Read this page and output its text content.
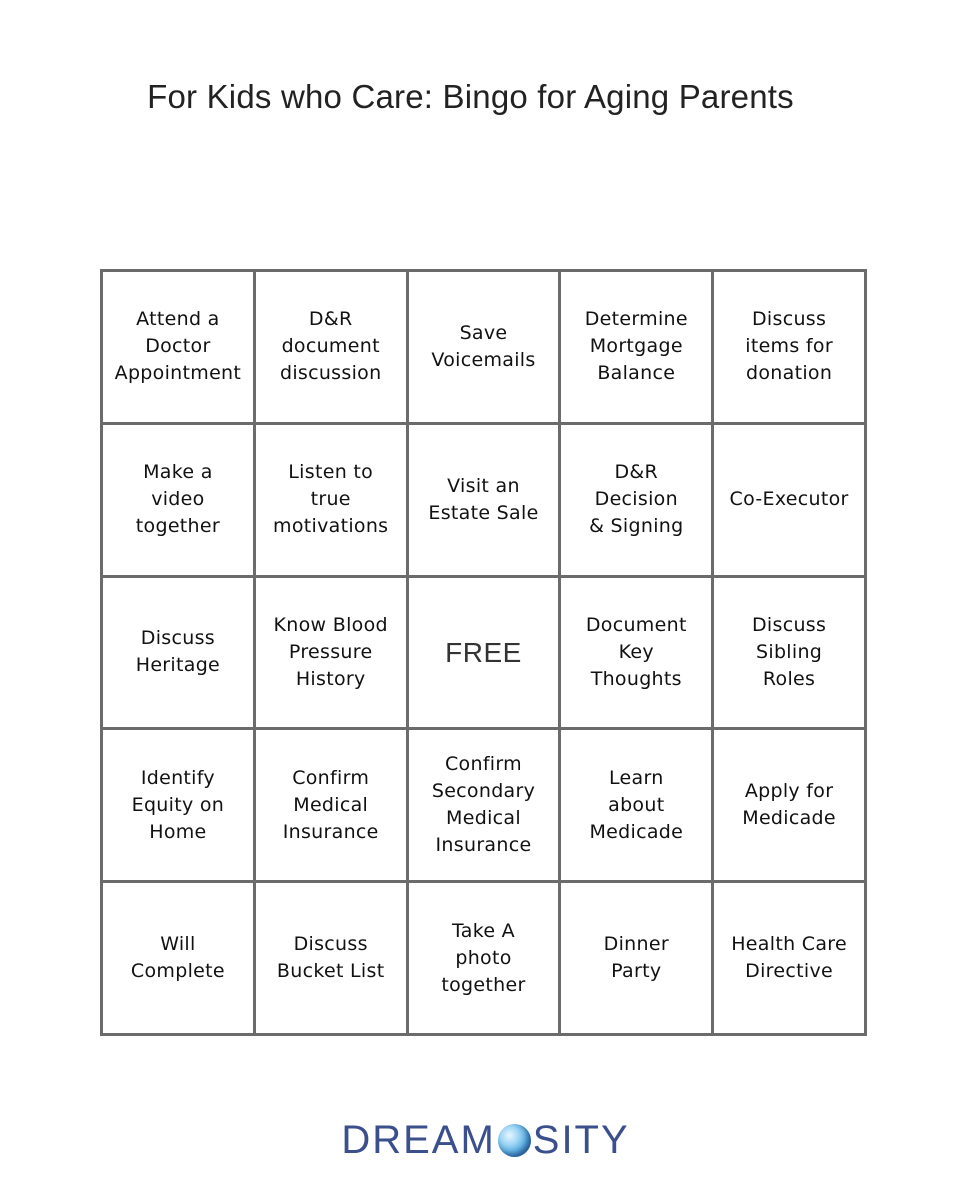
For Kids who Care: Bingo for Aging Parents
Attend a
Doctor
Appointment
D&R
document
discussion
Save
Voicemails
Determine
Mortgage
Balance
Discuss
items for
donation
Make a
video
together
Listen to
true
motivations
Visit an
Estate Sale
D&R Decision
& Signing
Co-Executor
Discuss
Heritage
Know Blood
Pressure
History
FREE
Document
Key
Thoughts
Discuss
Sibling
Roles
Identify
Equity on
Home
Confirm
Medical
Insurance
Confirm
Secondary
Medical
Insurance
Learn
about
Medicade
Apply for
Medicade
Will
Complete
Discuss
Bucket List
Take A
photo
together
Dinner
Party
Health Care
Directive
DREAM SITY
